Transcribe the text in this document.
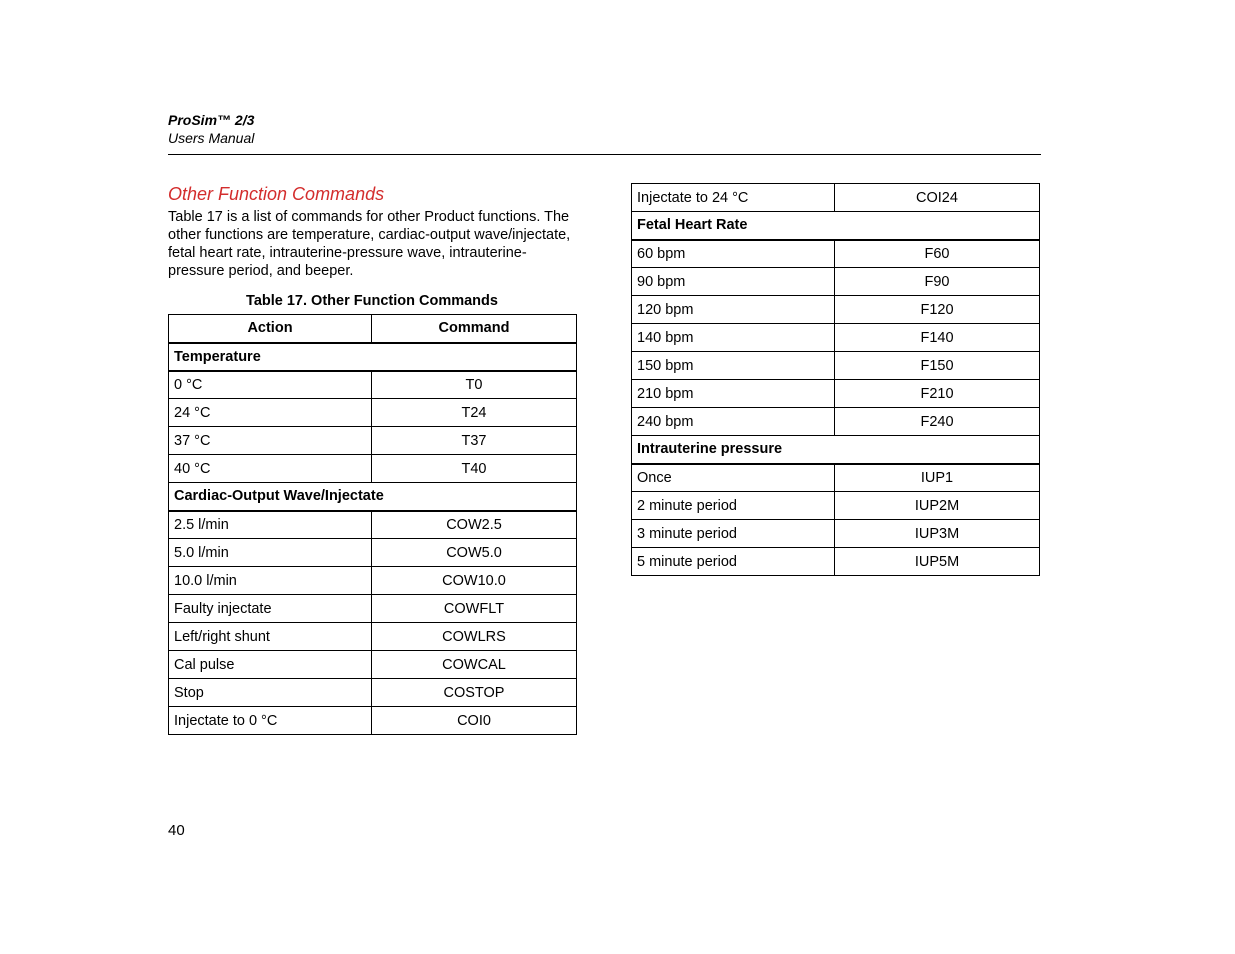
ProSim™ 2/3
Users Manual
Other Function Commands
Table 17 is a list of commands for other Product functions. The other functions are temperature, cardiac-output wave/injectate, fetal heart rate, intrauterine-pressure wave, intrauterine-pressure period, and beeper.
Table 17. Other Function Commands
Action	Command
Temperature	
0 °C	T0
24 °C	T24
37 °C	T37
40 °C	T40
Cardiac-Output Wave/Injectate	
2.5 l/min	COW2.5
5.0 l/min	COW5.0
10.0 l/min	COW10.0
Faulty injectate	COWFLT
Left/right shunt	COWLRS
Cal pulse	COWCAL
Stop	COSTOP
Injectate to 0 °C	COI0
Injectate to 24 °C	COI24
Fetal Heart Rate	
60 bpm	F60
90 bpm	F90
120 bpm	F120
140 bpm	F140
150 bpm	F150
210 bpm	F210
240 bpm	F240
Intrauterine pressure	
Once	IUP1
2 minute period	IUP2M
3 minute period	IUP3M
5 minute period	IUP5M
40
